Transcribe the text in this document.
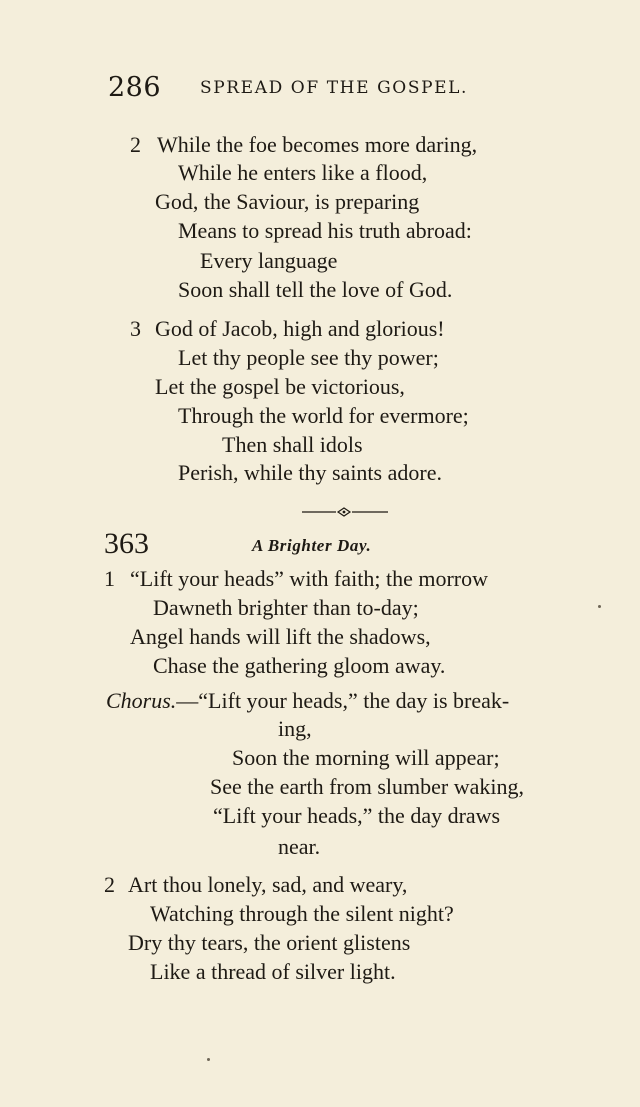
286 SPREAD OF THE GOSPEL.
2 While the foe becomes more daring,
While he enters like a flood,
God, the Saviour, is preparing
Means to spread his truth abroad:
Every language
Soon shall tell the love of God.
3 God of Jacob, high and glorious!
Let thy people see thy power;
Let the gospel be victorious,
Through the world for evermore;
Then shall idols
Perish, while thy saints adore.
363	A Brighter Day.
1 “Lift your heads” with faith; the morrow
Dawneth brighter than to-day;
Angel hands will lift the shadows,
Chase the gathering gloom away.
Chorus.—“Lift your heads,” the day is break-
ing,
Soon the morning will appear;
See the earth from slumber waking,
“Lift your heads,” the day draws
near.
2 Art thou lonely, sad, and weary,
Watching through the silent night?
Dry thy tears, the orient glistens
Like a thread of silver light.
